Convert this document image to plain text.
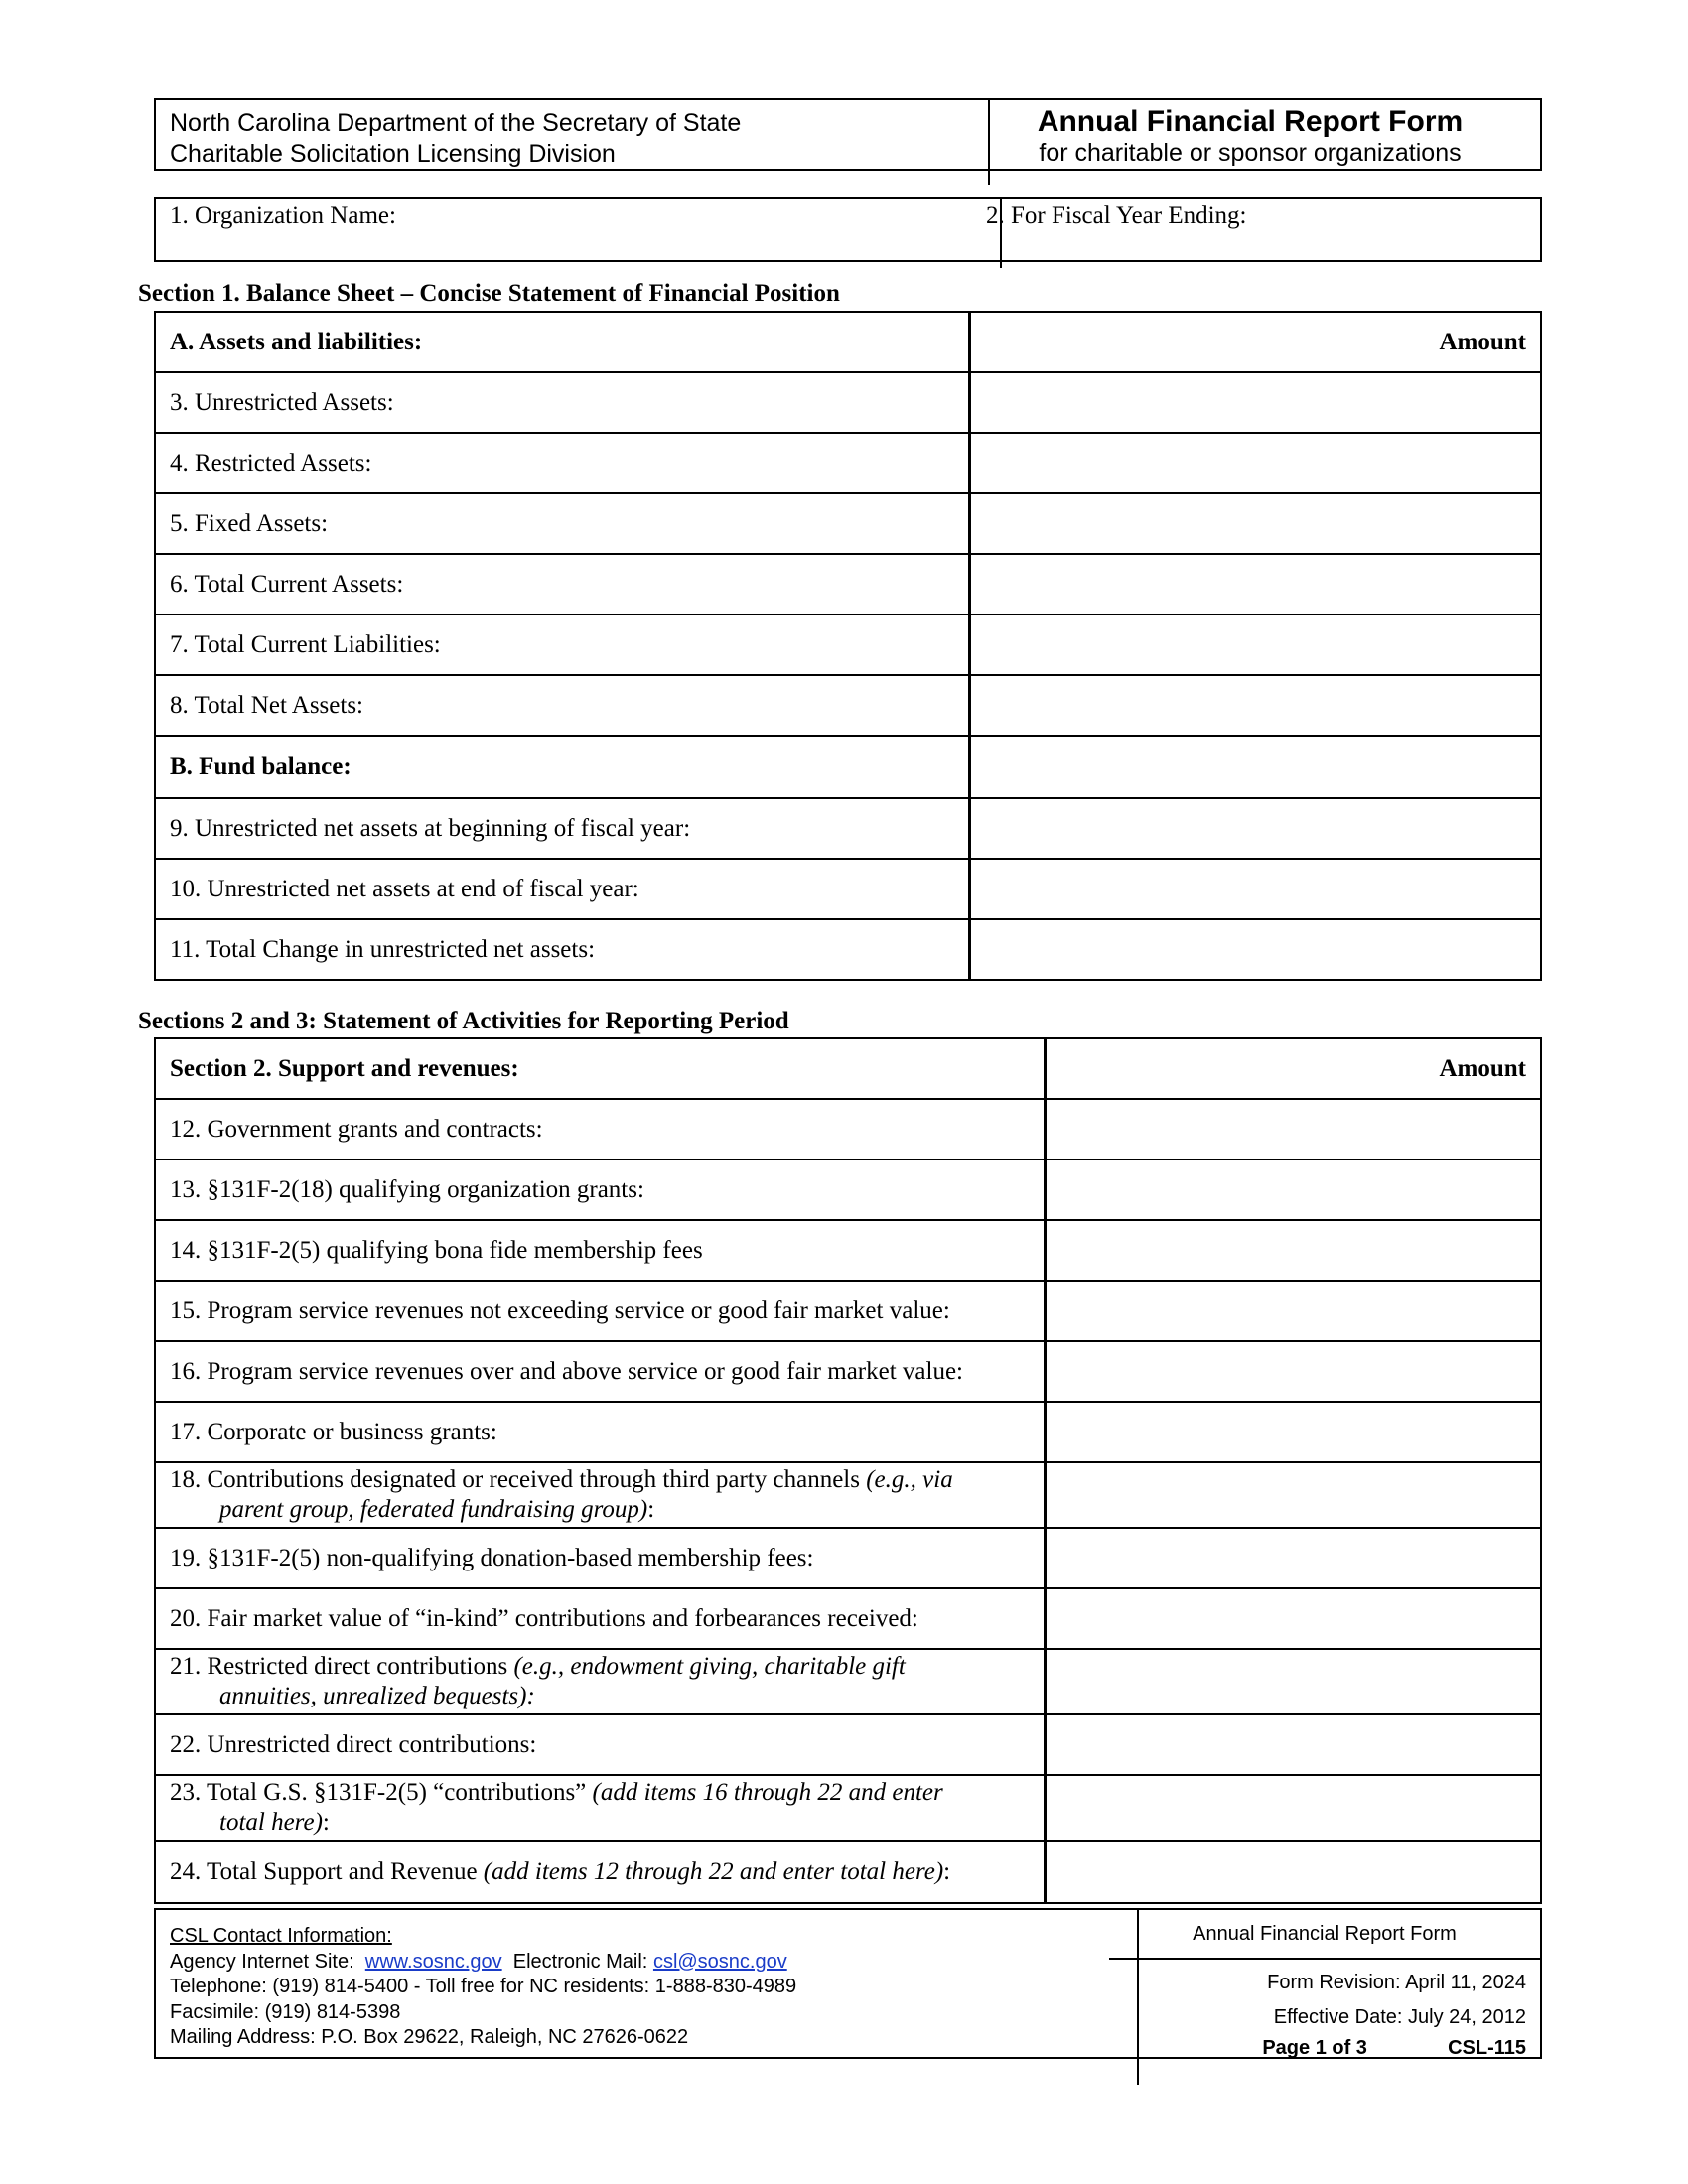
North Carolina Department of the Secretary of State
Charitable Solicitation Licensing Division
Annual Financial Report Form
for charitable or sponsor organizations
1. Organization Name:	2. For Fiscal Year Ending:
Section 1. Balance Sheet – Concise Statement of Financial Position
A. Assets and liabilities:	Amount
3. Unrestricted Assets:	
4. Restricted Assets:	
5. Fixed Assets:	
6. Total Current Assets:	
7. Total Current Liabilities:	
8. Total Net Assets:	
B. Fund balance:	
9. Unrestricted net assets at beginning of fiscal year:	
10. Unrestricted net assets at end of fiscal year:	
11. Total Change in unrestricted net assets:	
Sections 2 and 3: Statement of Activities for Reporting Period
Section 2. Support and revenues:	Amount
12. Government grants and contracts:	
13. §131F-2(18) qualifying organization grants:	
14. §131F-2(5) qualifying bona fide membership fees	
15. Program service revenues not exceeding service or good fair market value:	
16. Program service revenues over and above service or good fair market value:	
17. Corporate or business grants:	
18. Contributions designated or received through third party channels (e.g., via
parent group, federated fundraising group):	
19. §131F-2(5) non-qualifying donation-based membership fees:	
20. Fair market value of “in-kind” contributions and forbearances received:	
21. Restricted direct contributions (e.g., endowment giving, charitable gift
annuities, unrealized bequests):	
22. Unrestricted direct contributions:	
23. Total G.S. §131F-2(5) “contributions” (add items 16 through 22 and enter
total here):	
24. Total Support and Revenue (add items 12 through 22 and enter total here):	
CSL Contact Information:
Agency Internet Site: www.sosnc.gov Electronic Mail: csl@sosnc.gov
Telephone: (919) 814-5400 - Toll free for NC residents: 1-888-830-4989
Facsimile: (919) 814-5398
Mailing Address: P.O. Box 29622, Raleigh, NC 27626-0622
Annual Financial Report Form
Form Revision: April 11, 2024
Effective Date: July 24, 2012
Page 1 of 3	CSL-115
